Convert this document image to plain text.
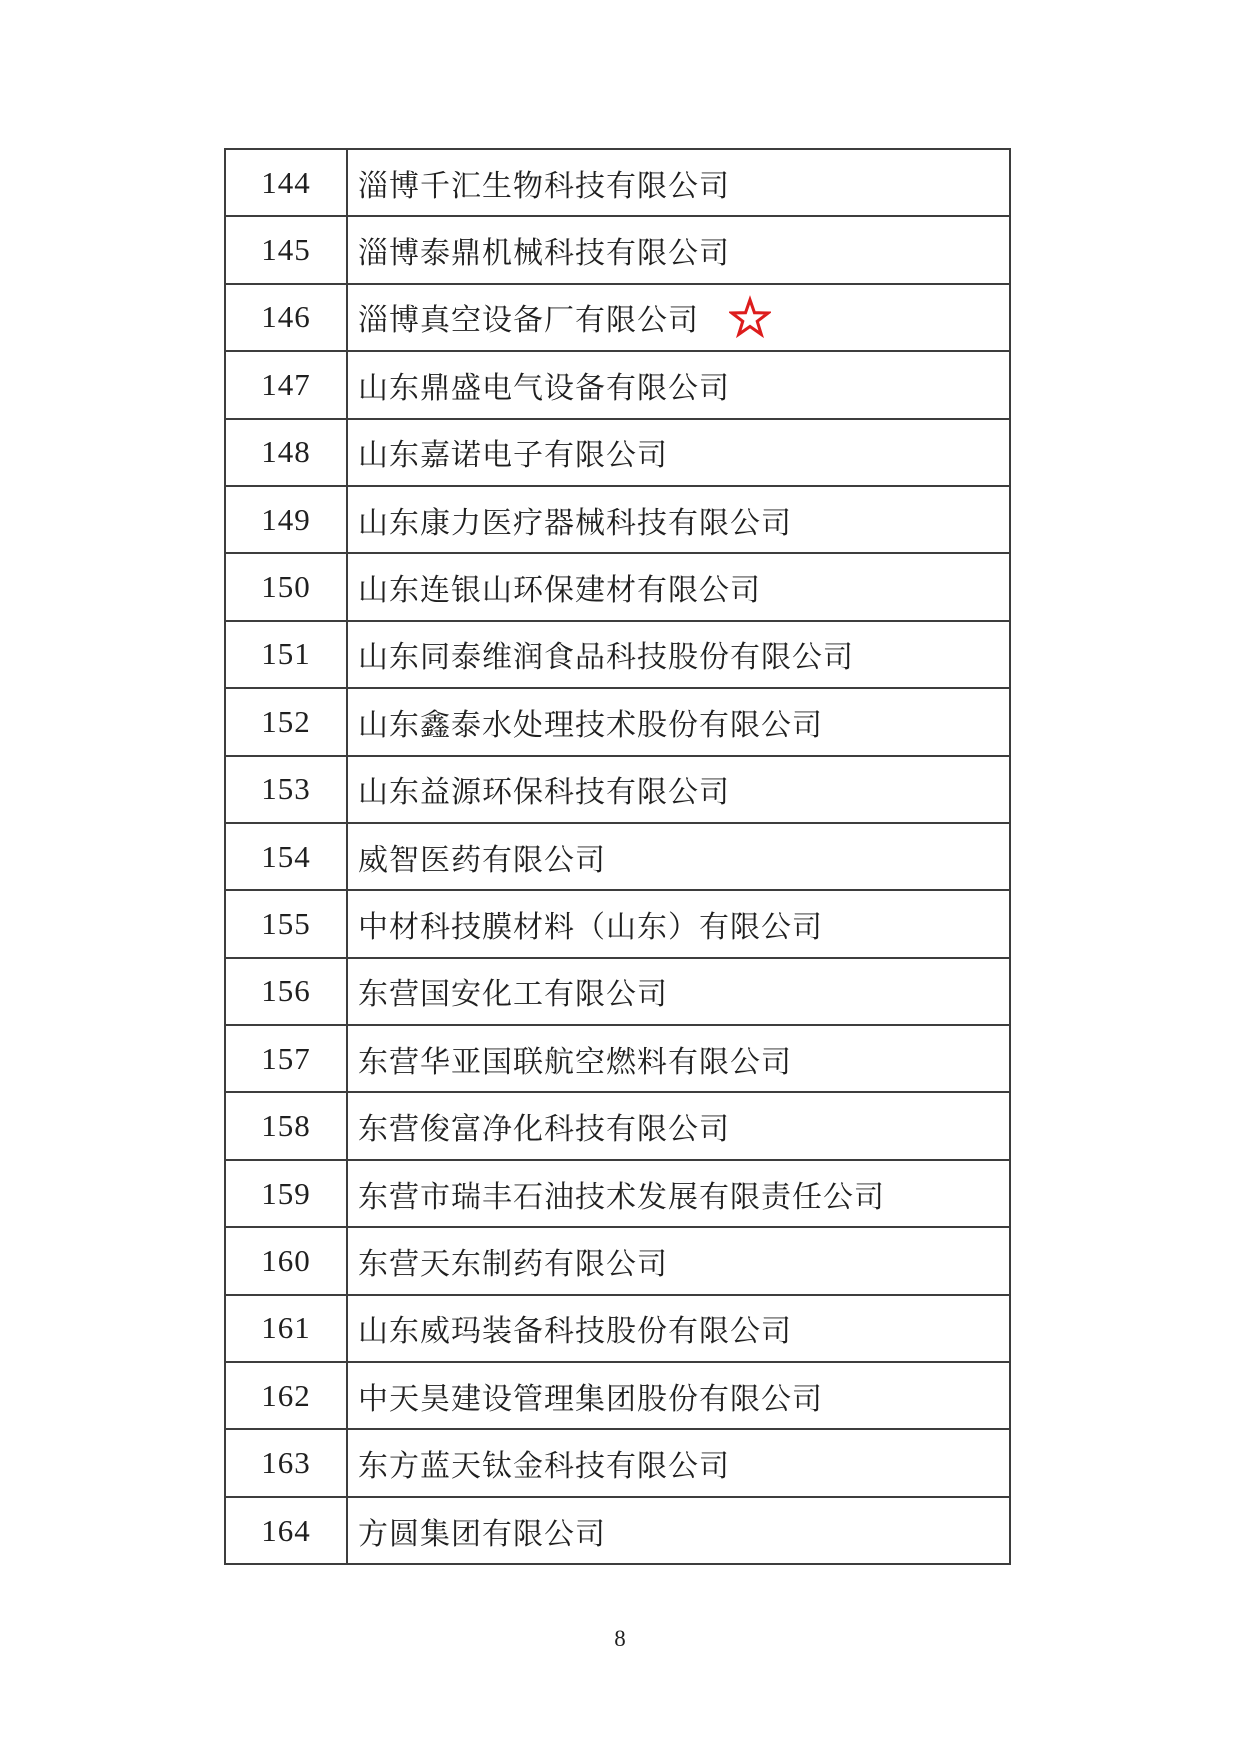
144	淄博千汇生物科技有限公司

145	淄博泰鼎机械科技有限公司

146	淄博真空设备厂有限公司

147	山东鼎盛电气设备有限公司

148	山东嘉诺电子有限公司

149	山东康力医疗器械科技有限公司

150	山东连银山环保建材有限公司

151	山东同泰维润食品科技股份有限公司

152	山东鑫泰水处理技术股份有限公司

153	山东益源环保科技有限公司

154	威智医药有限公司

155	中材科技膜材料（山东）有限公司

156	东营国安化工有限公司

157	东营华亚国联航空燃料有限公司

158	东营俊富净化科技有限公司

159	东营市瑞丰石油技术发展有限责任公司

160	东营天东制药有限公司

161	山东威玛装备科技股份有限公司

162	中天昊建设管理集团股份有限公司

163	东方蓝天钛金科技有限公司

164	方圆集团有限公司
8
